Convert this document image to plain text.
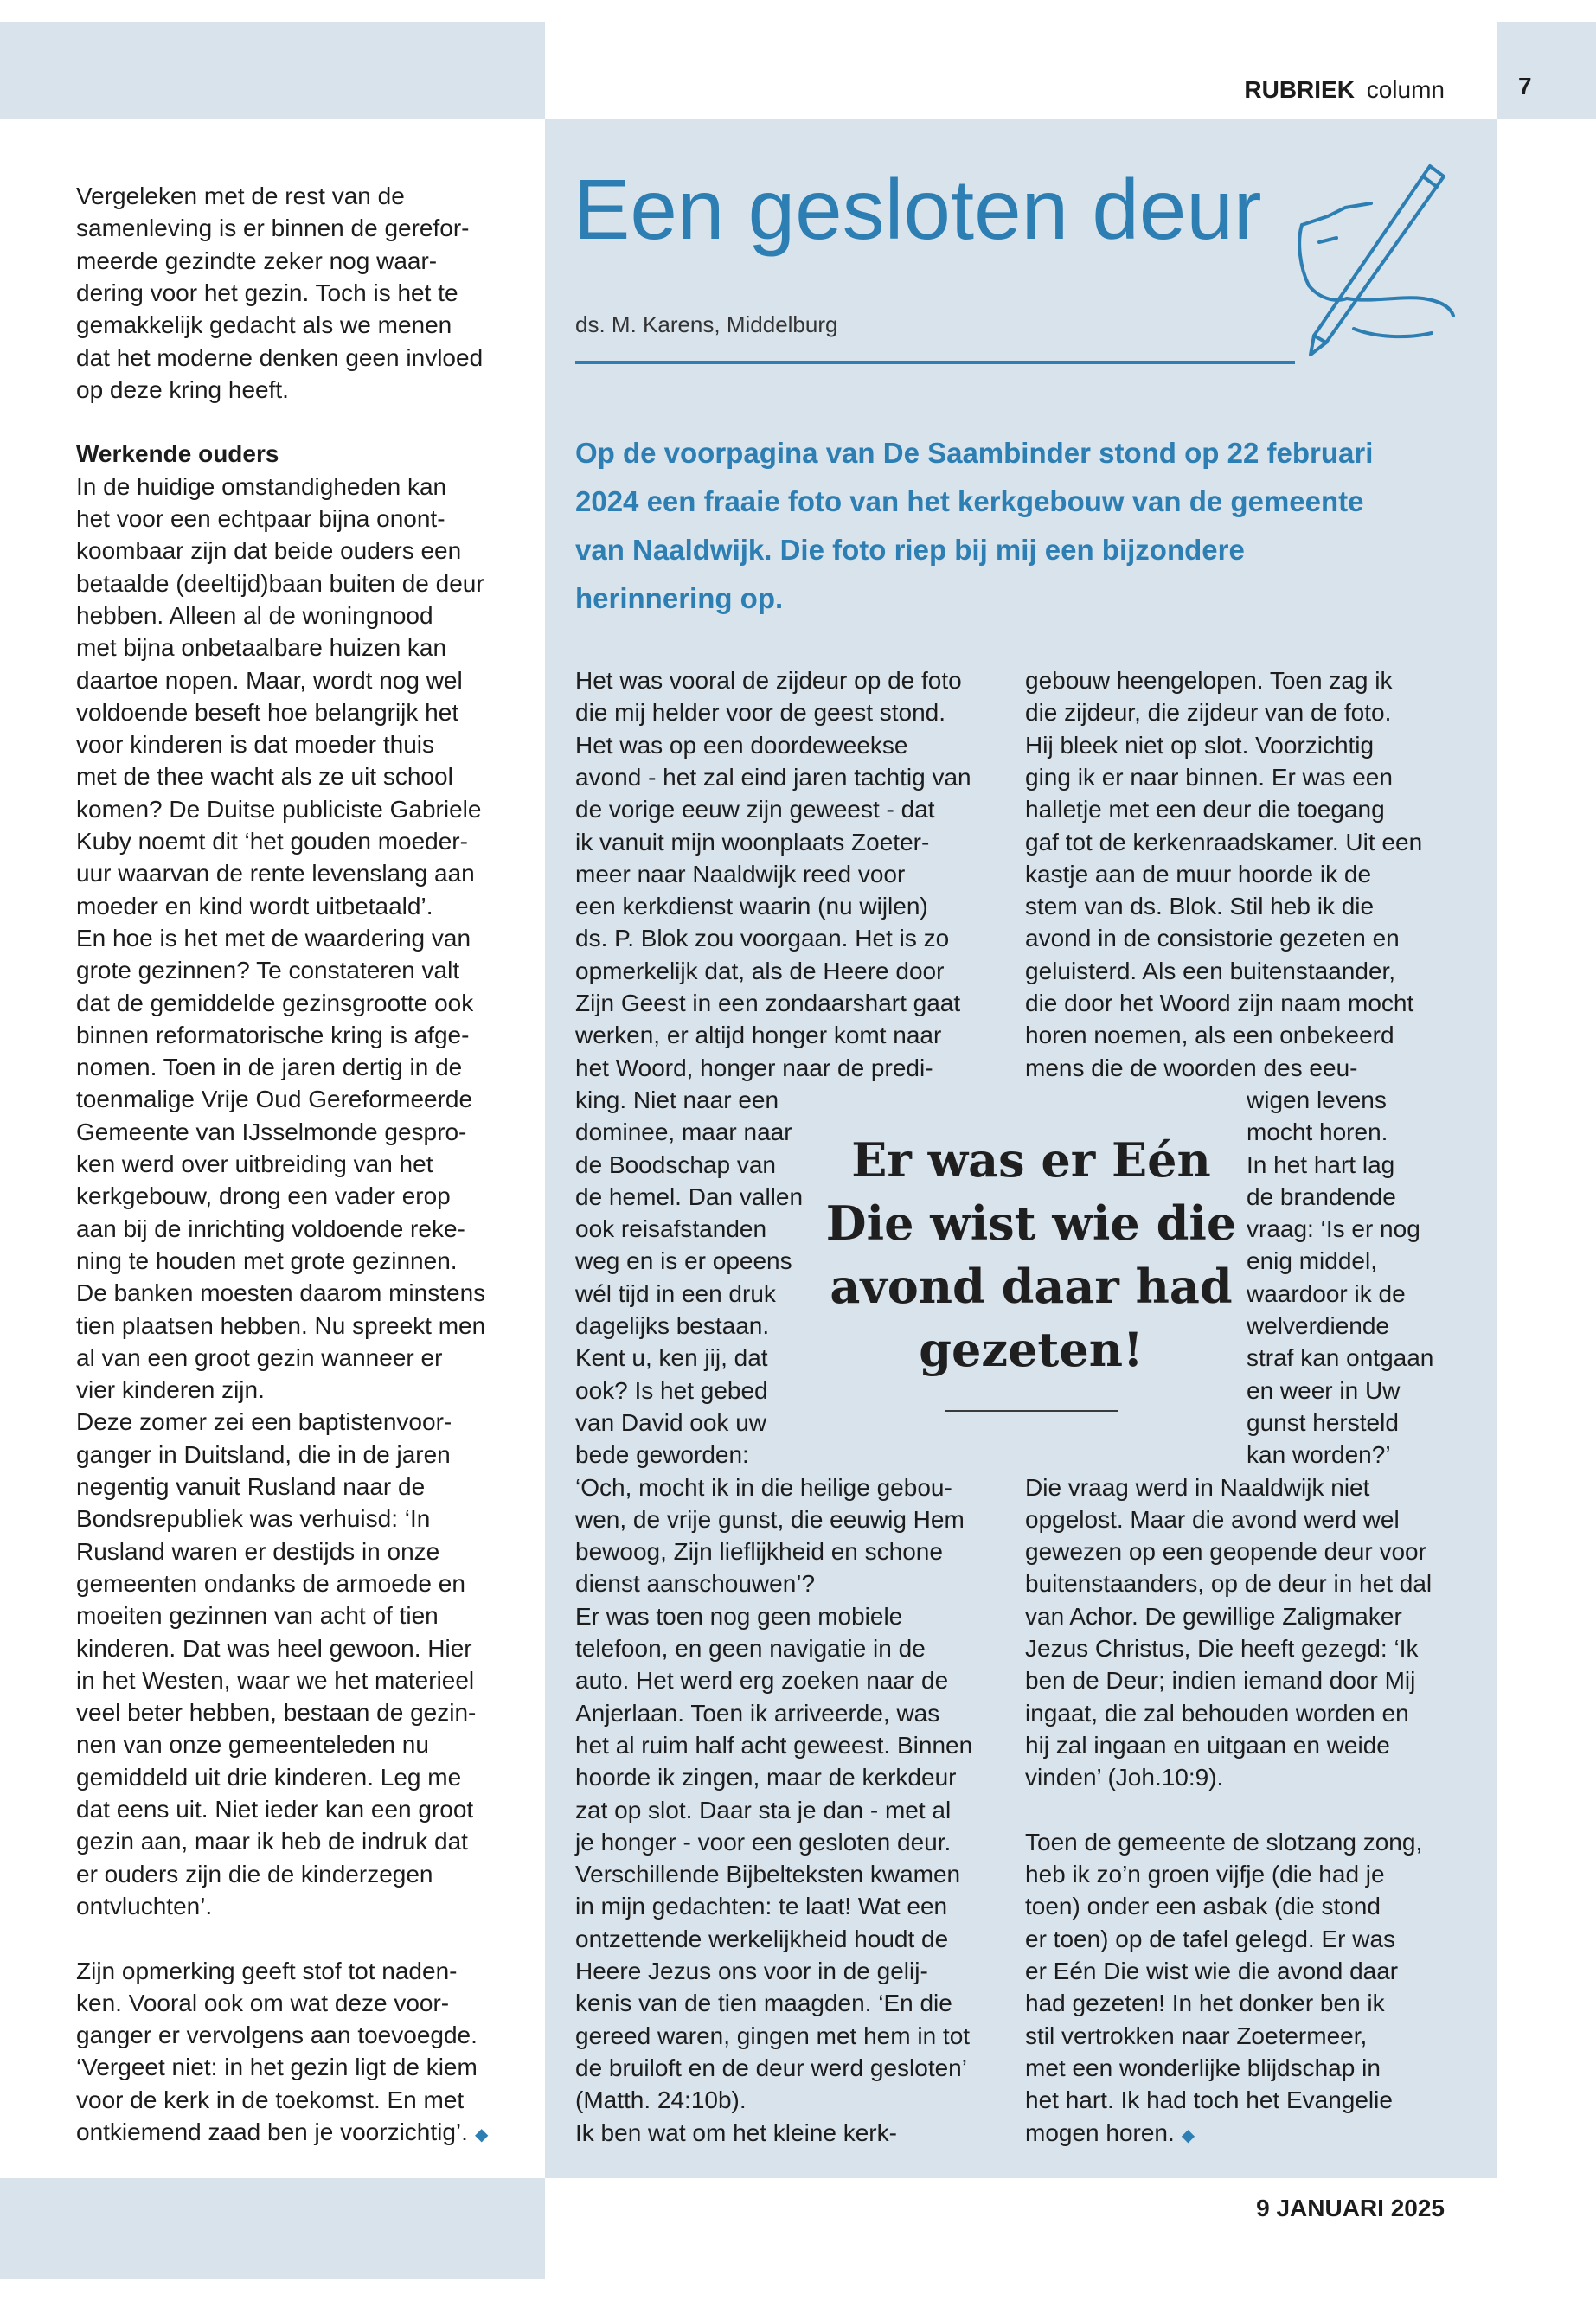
RUBRIEK column	7
Een gesloten deur
ds. M. Karens, Middelburg
Op de voorpagina van De Saambinder stond op 22 februari
2024 een fraaie foto van het kerkgebouw van de gemeente
van Naaldwijk. Die foto riep bij mij een bijzondere
herinnering op.
Vergeleken met de rest van de
samenleving is er binnen de gerefor-
meerde gezindte zeker nog waar-
dering voor het gezin. Toch is het te
gemakkelijk gedacht als we menen
dat het moderne denken geen invloed
op deze kring heeft.
Werkende ouders
In de huidige omstandigheden kan
het voor een echtpaar bijna onont-
koombaar zijn dat beide ouders een
betaalde (deeltijd)baan buiten de deur
hebben. Alleen al de woningnood
met bijna onbetaalbare huizen kan
daartoe nopen. Maar, wordt nog wel
voldoende beseft hoe belangrijk het
voor kinderen is dat moeder thuis
met de thee wacht als ze uit school
komen? De Duitse publiciste Gabriele
Kuby noemt dit ‘het gouden moeder-
uur waarvan de rente levenslang aan
moeder en kind wordt uitbetaald’.
En hoe is het met de waardering van
grote gezinnen? Te constateren valt
dat de gemiddelde gezinsgrootte ook
binnen reformatorische kring is afge-
nomen. Toen in de jaren dertig in de
toenmalige Vrije Oud Gereformeerde
Gemeente van IJsselmonde gespro-
ken werd over uitbreiding van het
kerkgebouw, drong een vader erop
aan bij de inrichting voldoende reke-
ning te houden met grote gezinnen.
De banken moesten daarom minstens
tien plaatsen hebben. Nu spreekt men
al van een groot gezin wanneer er
vier kinderen zijn.
Deze zomer zei een baptistenvoor-
ganger in Duitsland, die in de jaren
negentig vanuit Rusland naar de
Bondsrepubliek was verhuisd: ‘In
Rusland waren er destijds in onze
gemeenten ondanks de armoede en
moeiten gezinnen van acht of tien
kinderen. Dat was heel gewoon. Hier
in het Westen, waar we het materieel
veel beter hebben, bestaan de gezin-
nen van onze gemeenteleden nu
gemiddeld uit drie kinderen. Leg me
dat eens uit. Niet ieder kan een groot
gezin aan, maar ik heb de indruk dat
er ouders zijn die de kinderzegen
ontvluchten’.
Zijn opmerking geeft stof tot naden-
ken. Vooral ook om wat deze voor-
ganger er vervolgens aan toevoegde.
‘Vergeet niet: in het gezin ligt de kiem
voor de kerk in de toekomst. En met
ontkiemend zaad ben je voorzichtig’. ◆
Het was vooral de zijdeur op de foto
die mij helder voor de geest stond.
Het was op een doordeweekse
avond - het zal eind jaren tachtig van
de vorige eeuw zijn geweest - dat
ik vanuit mijn woonplaats Zoeter-
meer naar Naaldwijk reed voor
een kerkdienst waarin (nu wijlen)
ds. P. Blok zou voorgaan. Het is zo
opmerkelijk dat, als de Heere door
Zijn Geest in een zondaarshart gaat
werken, er altijd honger komt naar
het Woord, honger naar de predi-
king. Niet naar een
dominee, maar naar
de Boodschap van
de hemel. Dan vallen
ook reisafstanden
weg en is er opeens
wél tijd in een druk
dagelijks bestaan.
Kent u, ken jij, dat
ook? Is het gebed
van David ook uw
bede geworden:
‘Och, mocht ik in die heilige gebou-
wen, de vrije gunst, die eeuwig Hem
bewoog, Zijn lieflijkheid en schone
dienst aanschouwen’?
Er was toen nog geen mobiele
telefoon, en geen navigatie in de
auto. Het werd erg zoeken naar de
Anjerlaan. Toen ik arriveerde, was
het al ruim half acht geweest. Binnen
hoorde ik zingen, maar de kerkdeur
zat op slot. Daar sta je dan - met al
je honger - voor een gesloten deur.
Verschillende Bijbelteksten kwamen
in mijn gedachten: te laat! Wat een
ontzettende werkelijkheid houdt de
Heere Jezus ons voor in de gelij-
kenis van de tien maagden. ‘En die
gereed waren, gingen met hem in tot
de bruiloft en de deur werd gesloten’
(Matth. 24:10b).
Ik ben wat om het kleine kerk-
gebouw heengelopen. Toen zag ik
die zijdeur, die zijdeur van de foto.
Hij bleek niet op slot. Voorzichtig
ging ik er naar binnen. Er was een
halletje met een deur die toegang
gaf tot de kerkenraadskamer. Uit een
kastje aan de muur hoorde ik de
stem van ds. Blok. Stil heb ik die
avond in de consistorie gezeten en
geluisterd. Als een buitenstaander,
die door het Woord zijn naam mocht
horen noemen, als een onbekeerd
mens die de woorden des eeu-
wigen levens
mocht horen.
In het hart lag
de brandende
vraag: ‘Is er nog
enig middel,
waardoor ik de
welverdiende
straf kan ontgaan
en weer in Uw
gunst hersteld
kan worden?’
Die vraag werd in Naaldwijk niet
opgelost. Maar die avond werd wel
gewezen op een geopende deur voor
buitenstaanders, op de deur in het dal
van Achor. De gewillige Zaligmaker
Jezus Christus, Die heeft gezegd: ‘Ik
ben de Deur; indien iemand door Mij
ingaat, die zal behouden worden en
hij zal ingaan en uitgaan en weide
vinden’ (Joh.10:9).
Toen de gemeente de slotzang zong,
heb ik zo’n groen vijfje (die had je
toen) onder een asbak (die stond
er toen) op de tafel gelegd. Er was
er Eén Die wist wie die avond daar
had gezeten! In het donker ben ik
stil vertrokken naar Zoetermeer,
met een wonderlijke blijdschap in
het hart. Ik had toch het Evangelie
mogen horen. ◆
Er was er Eén
Die wist wie die
avond daar had
gezeten!
9 JANUARI 2025
